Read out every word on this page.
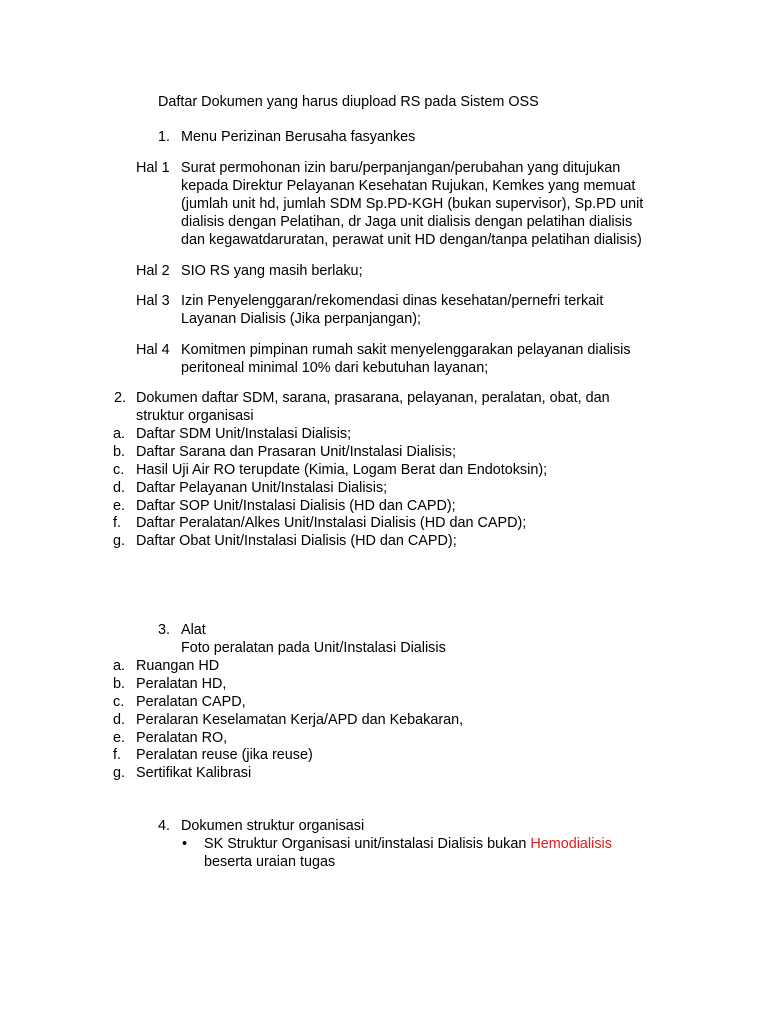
Daftar Dokumen yang harus diupload RS pada Sistem OSS
1. Menu Perizinan Berusaha fasyankes
Hal 1 Surat permohonan izin baru/perpanjangan/perubahan yang ditujukan
kepada Direktur Pelayanan Kesehatan Rujukan, Kemkes yang memuat
(jumlah unit hd, jumlah SDM Sp.PD-KGH (bukan supervisor), Sp.PD unit
dialisis dengan Pelatihan, dr Jaga unit dialisis dengan pelatihan dialisis
dan kegawatdaruratan, perawat unit HD dengan/tanpa pelatihan dialisis)
Hal 2 SIO RS yang masih berlaku;
Hal 3 Izin Penyelenggaran/rekomendasi dinas kesehatan/pernefri terkait
Layanan Dialisis (Jika perpanjangan);
Hal 4 Komitmen pimpinan rumah sakit menyelenggarakan pelayanan dialisis
peritoneal minimal 10% dari kebutuhan layanan;
2. Dokumen daftar SDM, sarana, prasarana, pelayanan, peralatan, obat, dan
struktur organisasi
a. Daftar SDM Unit/Instalasi Dialisis;
b. Daftar Sarana dan Prasaran Unit/Instalasi Dialisis;
c. Hasil Uji Air RO terupdate (Kimia, Logam Berat dan Endotoksin);
d. Daftar Pelayanan Unit/Instalasi Dialisis;
e. Daftar SOP Unit/Instalasi Dialisis (HD dan CAPD);
f. Daftar Peralatan/Alkes Unit/Instalasi Dialisis (HD dan CAPD);
g. Daftar Obat Unit/Instalasi Dialisis (HD dan CAPD);
3. Alat
Foto peralatan pada Unit/Instalasi Dialisis
a. Ruangan HD
b. Peralatan HD,
c. Peralatan CAPD,
d. Peralaran Keselamatan Kerja/APD dan Kebakaran,
e. Peralatan RO,
f. Peralatan reuse (jika reuse)
g. Sertifikat Kalibrasi
4. Dokumen struktur organisasi
• SK Struktur Organisasi unit/instalasi Dialisis bukan Hemodialisis
beserta uraian tugas
